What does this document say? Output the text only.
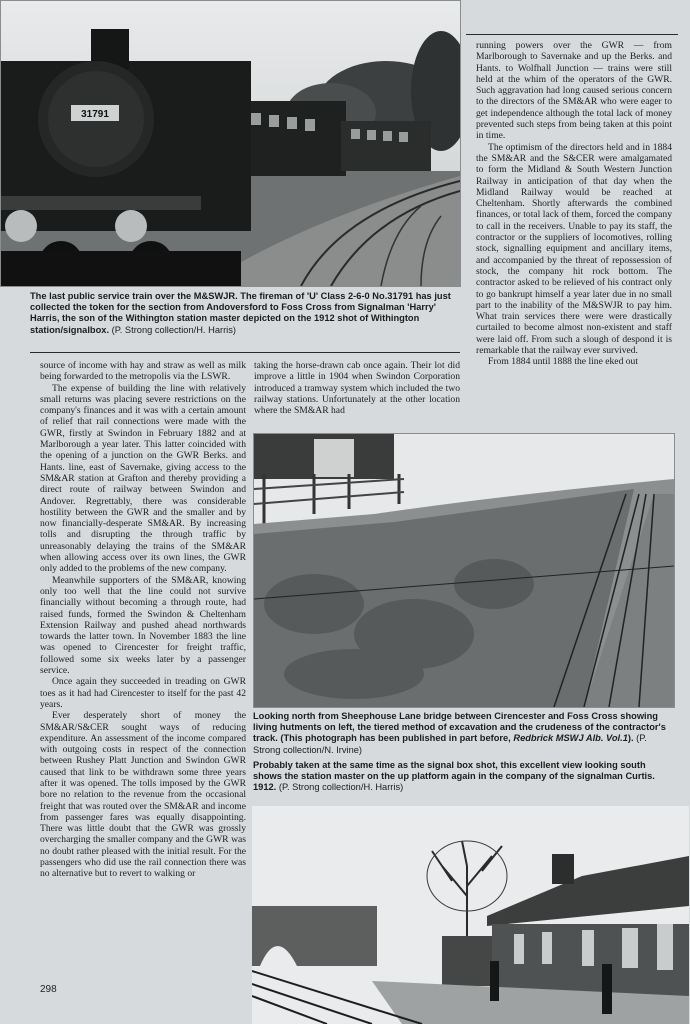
31791
The last public service train over the M&SWJR. The fireman of 'U' Class 2-6-0 No.31791 has just collected the token for the section from Andoversford to Foss Cross from Signalman 'Harry' Harris, the son of the Withington station master depicted on the 1912 shot of Withington station/signalbox. (P. Strong collection/H. Harris)

running powers over the GWR — from Marlborough to Savernake and up the Berks. and Hants. to Wolfhall Junction — trains were still held at the whim of the operators of the GWR. Such aggravation had long caused serious concern to the directors of the SM&AR who were eager to get independence although the total lack of money prevented such steps from being taken at this point in time.

The optimism of the directors held and in 1884 the SM&AR and the S&CER were amalgamated to form the Midland & South Western Junction Railway in anticipation of that day when the Midland Railway would be reached at Cheltenham. Shortly afterwards the combined finances, or total lack of them, forced the company to call in the receivers. Unable to pay its staff, the contractor or the suppliers of locomotives, rolling stock, signalling equipment and ancillary items, and accompanied by the threat of repossession of stock, the company hit rock bottom. The contractor asked to be relieved of his contract only to go bankrupt himself a year later due in no small part to the inability of the M&SWJR to pay him. What train services there were were drastically curtailed to become almost non-existent and staff were laid off. From such a slough of despond it is remarkable that the railway ever survived.

From 1884 until 1888 the line eked out

source of income with hay and straw as well as milk being forwarded to the metropolis via the LSWR.

The expense of building the line with relatively small returns was placing severe restrictions on the company's finances and it was with a certain amount of relief that rail connections were made with the GWR, firstly at Swindon in February 1882 and at Marlborough a year later. This latter coincided with the opening of a junction on the GWR Berks. and Hants. line, east of Savernake, giving access to the SM&AR station at Grafton and thereby providing a direct route of railway between Swindon and Andover. Regrettably, there was considerable hostility between the GWR and the smaller and by now financially-desperate SM&AR. By increasing tolls and disrupting the through traffic by unreasonably delaying the trains of the SM&AR when allowing access over its own lines, the GWR only added to the problems of the new company.

Meanwhile supporters of the SM&AR, knowing only too well that the line could not survive financially without becoming a through route, had raised funds, formed the Swindon & Cheltenham Extension Railway and pushed ahead northwards towards the latter town. In November 1883 the line was opened to Cirencester for freight traffic, followed some six weeks later by a passenger service.

Once again they succeeded in treading on GWR toes as it had had Cirencester to itself for the past 42 years.

Ever desperately short of money the SM&AR/S&CER sought ways of reducing expenditure. An assessment of the income compared with outgoing costs in respect of the connection between Rushey Platt Junction and Swindon GWR caused that link to be withdrawn some three years after it was opened. The tolls imposed by the GWR bore no relation to the revenue from the occasional freight that was routed over the SM&AR and income from passenger fares was equally disappointing. There was little doubt that the GWR was grossly overcharging the smaller company and the GWR was no doubt rather pleased with the initial result. For the passengers who did use the rail connection there was no alternative but to revert to walking or

taking the horse-drawn cab once again. Their lot did improve a little in 1904 when Swindon Corporation introduced a tramway system which included the two railway stations. Unfortunately at the other location where the SM&AR had

Looking north from Sheephouse Lane bridge between Cirencester and Foss Cross showing living hutments on left, the tiered method of excavation and the crudeness of the contractor's track. (This photograph has been published in part before, Redbrick MSWJ Alb. Vol.1). (P. Strong collection/N. Irvine)
Probably taken at the same time as the signal box shot, this excellent view looking south shows the station master on the up platform again in the company of the signalman Curtis. 1912. (P. Strong collection/H. Harris)
298
